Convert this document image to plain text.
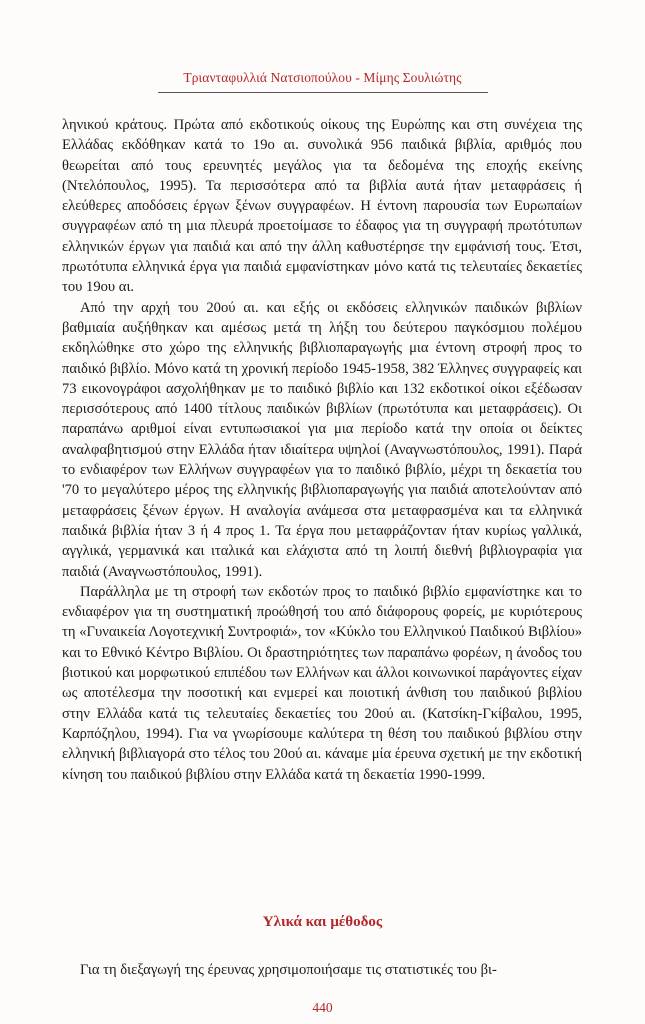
Τριανταφυλλιά Νατσιοπούλου - Μίμης Σουλιώτης

ληνικού κράτους. Πρώτα από εκδοτικούς οίκους της Ευρώπης και στη συνέχεια της Ελλάδας εκδόθηκαν κατά το 19ο αι. συνολικά 956 παιδικά βιβλία, αριθμός που θεωρείται από τους ερευνητές μεγάλος για τα δεδομένα της εποχής εκείνης (Ντελόπουλος, 1995). Τα περισσότερα από τα βιβλία αυτά ήταν μεταφράσεις ή ελεύθερες αποδόσεις έργων ξένων συγγραφέων. Η έντονη παρουσία των Ευρωπαίων συγγραφέων από τη μια πλευρά προετοίμασε το έδαφος για τη συγγραφή πρωτότυπων ελληνικών έργων για παιδιά και από την άλλη καθυστέρησε την εμφάνισή τους. Έτσι, πρωτότυπα ελληνικά έργα για παιδιά εμφανίστηκαν μόνο κατά τις τελευταίες δεκαετίες του 19ου αι.

Από την αρχή του 20ού αι. και εξής οι εκδόσεις ελληνικών παιδικών βιβλίων βαθμιαία αυξήθηκαν και αμέσως μετά τη λήξη του δεύτερου παγκόσμιου πολέμου εκδηλώθηκε στο χώρο της ελληνικής βιβλιοπαραγωγής μια έντονη στροφή προς το παιδικό βιβλίο. Μόνο κατά τη χρονική περίοδο 1945-1958, 382 Έλληνες συγγραφείς και 73 εικονογράφοι ασχολήθηκαν με το παιδικό βιβλίο και 132 εκδοτικοί οίκοι εξέδωσαν περισσότερους από 1400 τίτλους παιδικών βιβλίων (πρωτότυπα και μεταφράσεις). Οι παραπάνω αριθμοί είναι εντυπωσιακοί για μια περίοδο κατά την οποία οι δείκτες αναλφαβητισμού στην Ελλάδα ήταν ιδιαίτερα υψηλοί (Αναγνωστόπουλος, 1991). Παρά το ενδιαφέρον των Ελλήνων συγγραφέων για το παιδικό βιβλίο, μέχρι τη δεκαετία του '70 το μεγαλύτερο μέρος της ελληνικής βιβλιοπαραγωγής για παιδιά αποτελούνταν από μεταφράσεις ξένων έργων. Η αναλογία ανάμεσα στα μεταφρασμένα και τα ελληνικά παιδικά βιβλία ήταν 3 ή 4 προς 1. Τα έργα που μεταφράζονταν ήταν κυρίως γαλλικά, αγγλικά, γερμανικά και ιταλικά και ελάχιστα από τη λοιπή διεθνή βιβλιογραφία για παιδιά (Αναγνωστόπουλος, 1991).

Παράλληλα με τη στροφή των εκδοτών προς το παιδικό βιβλίο εμφανίστηκε και το ενδιαφέρον για τη συστηματική προώθησή του από διάφορους φορείς, με κυριότερους τη «Γυναικεία Λογοτεχνική Συντροφιά», τον «Κύκλο του Ελληνικού Παιδικού Βιβλίου» και το Εθνικό Κέντρο Βιβλίου. Οι δραστηριότητες των παραπάνω φορέων, η άνοδος του βιοτικού και μορφωτικού επιπέδου των Ελλήνων και άλλοι κοινωνικοί παράγοντες είχαν ως αποτέλεσμα την ποσοτική και ενμερεί και ποιοτική άνθιση του παιδικού βιβλίου στην Ελλάδα κατά τις τελευταίες δεκαετίες του 20ού αι. (Κατσίκη-Γκίβαλου, 1995, Καρπόζηλου, 1994). Για να γνωρίσουμε καλύτερα τη θέση του παιδικού βιβλίου στην ελληνική βιβλιαγορά στο τέλος του 20ού αι. κάναμε μία έρευνα σχετική με την εκδοτική κίνηση του παιδικού βιβλίου στην Ελλάδα κατά τη δεκαετία 1990-1999.

Υλικά και μέθοδος

Για τη διεξαγωγή της έρευνας χρησιμοποιήσαμε τις στατιστικές του βι-

440
